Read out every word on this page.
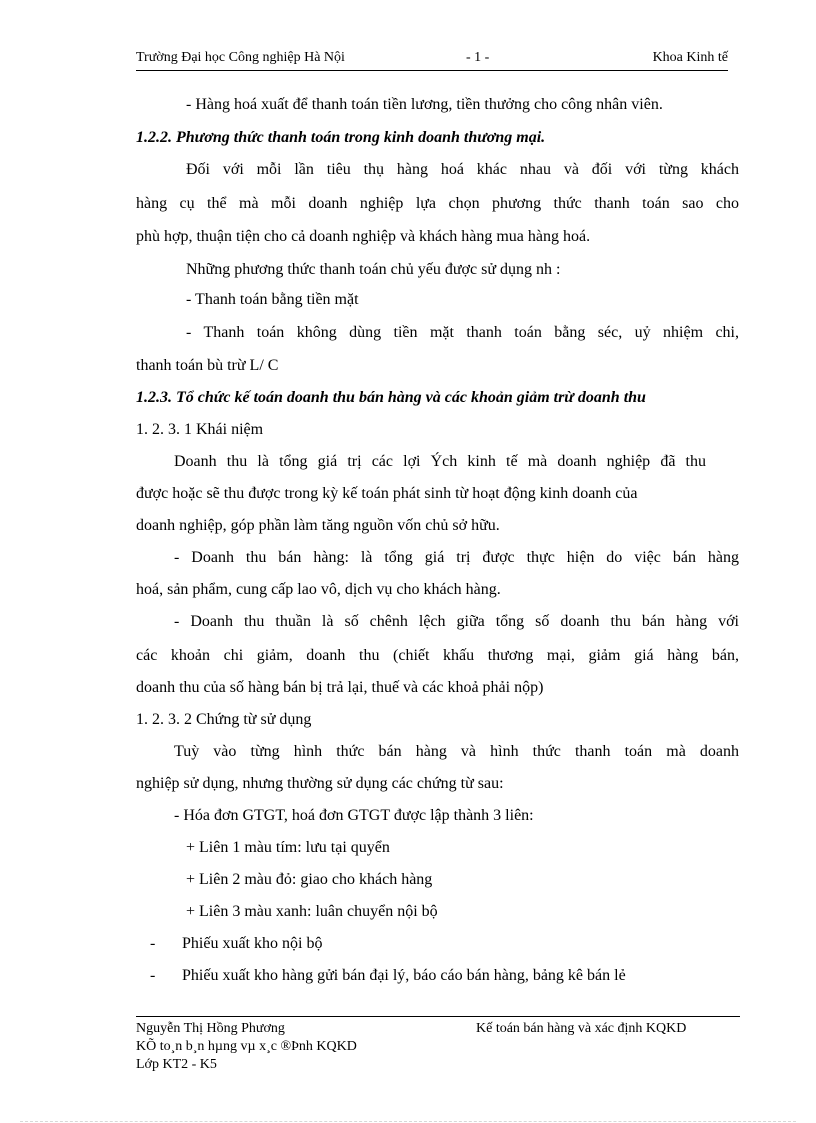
Trường Đại học Công nghiệp Hà Nội	- 1 -	Khoa Kinh tế
- Hàng hoá xuất để thanh toán tiền lương, tiền thưởng cho công nhân viên.
1.2.2. Phương thức thanh toán trong kinh doanh thương mại.
Đối với mỗi lần tiêu thụ hàng hoá khác nhau và đối với từng khách
hàng cụ thể mà mỗi doanh nghiệp lựa chọn phương thức thanh toán sao cho
phù hợp, thuận tiện cho cả doanh nghiệp và khách hàng mua hàng hoá.
Những phương thức thanh toán chủ yếu được sử dụng nh :
- Thanh toán bằng tiền mặt
- Thanh toán không dùng tiền mặt thanh toán bằng séc, uỷ nhiệm chi,
thanh toán bù trừ L/ C
1.2.3. Tổ chức kế toán doanh thu bán hàng và các khoản giảm trừ doanh thu
1. 2. 3. 1 Khái niệm
Doanh thu là tổng giá trị các lợi Ých kinh tế mà doanh nghiệp đã thu
được hoặc sẽ thu được trong kỳ kế toán phát sinh từ hoạt động kinh doanh của
doanh nghiệp, góp phần làm tăng nguồn vốn chủ sở hữu.
- Doanh thu bán hàng: là tổng giá trị được thực hiện do việc bán hàng
hoá, sản phẩm, cung cấp lao vô, dịch vụ cho khách hàng.
- Doanh thu thuần là số chênh lệch giữa tổng số doanh thu bán hàng với
các khoản chi giảm, doanh thu (chiết khấu thương mại, giảm giá hàng bán,
doanh thu của số hàng bán bị trả lại, thuế và các khoả phải nộp)
1. 2. 3. 2 Chứng từ sử dụng
Tuỳ vào từng hình thức bán hàng và hình thức thanh toán mà doanh
nghiệp sử dụng, nhưng thường sử dụng các chứng từ sau:
- Hóa đơn GTGT, hoá đơn GTGT được lập thành 3 liên:
+ Liên 1 màu tím: lưu tại quyển
+ Liên 2 màu đỏ: giao cho khách hàng
+ Liên 3 màu xanh: luân chuyển nội bộ
- Phiếu xuất kho nội bộ
- Phiếu xuất kho hàng gửi bán đại lý, báo cáo bán hàng, bảng kê bán lẻ
Nguyễn Thị Hồng Phương	Kế toán bán hàng và xác định KQKD
KÕ to¸n b¸n hµng vµ x¸c ®Þnh KQKD
Lớp KT2 - K5
